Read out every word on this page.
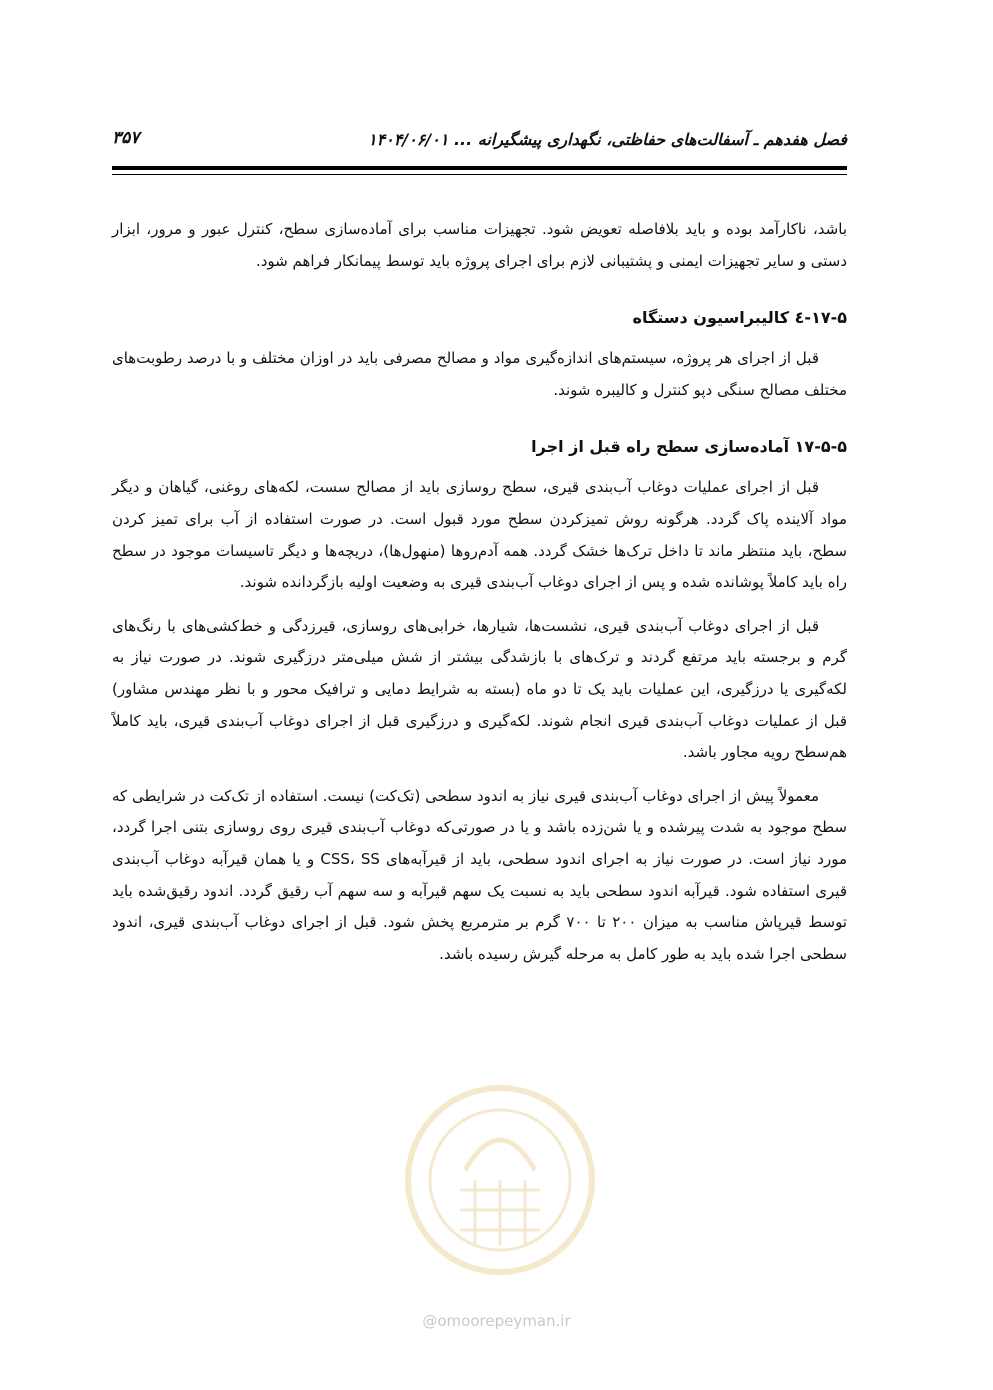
فصل هفدهم ـ آسفالت‌های حفاظتی، نگهداری پیشگیرانه ... ۱۴۰۴/۰۶/۰۱
۳۵۷

باشد، ناکارآمد بوده و باید بلافاصله تعویض شود. تجهیزات مناسب برای آماده‌سازی سطح، کنترل عبور و مرور، ابزار دستی و سایر تجهیزات ایمنی و پشتیبانی لازم برای اجرای پروژه باید توسط پیمانکار فراهم شود.

۱۷-۵-٤ کالیبراسیون دستگاه

قبل از اجرای هر پروژه، سیستم‌های اندازه‌گیری مواد و مصالح مصرفی باید در اوزان مختلف و با درصد رطوبت‌های مختلف مصالح سنگی دپو کنترل و کالیبره شوند.

۱۷-۵-۵ آماده‌سازی سطح راه قبل از اجرا

قبل از اجرای عملیات دوغاب آب‌بندی قیری، سطح روسازی باید از مصالح سست، لکه‌های روغنی، گیاهان و دیگر مواد آلاینده پاک گردد. هرگونه روش تمیزکردن سطح مورد قبول است. در صورت استفاده از آب برای تمیز کردن سطح، باید منتظر ماند تا داخل ترک‌ها خشک گردد. همه آدم‌روها (منهول‌ها)، دریچه‌ها و دیگر تاسیسات موجود در سطح راه باید کاملاً پوشانده شده و پس از اجرای دوغاب آب‌بندی قیری به وضعیت اولیه بازگردانده شوند.

قبل از اجرای دوغاب آب‌بندی قیری، نشست‌ها، شیارها، خرابی‌های روسازی، قیرزدگی و خط‌کشی‌های با رنگ‌های گرم و برجسته باید مرتفع گردند و ترک‌های با بازشدگی بیشتر از شش میلی‌متر درزگیری شوند. در صورت نیاز به لکه‌گیری یا درزگیری، این عملیات باید یک تا دو ماه (بسته به شرایط دمایی و ترافیک محور و با نظر مهندس مشاور) قبل از عملیات دوغاب آب‌بندی قیری انجام شوند. لکه‌گیری و درزگیری قبل از اجرای دوغاب آب‌بندی قیری، باید کاملاً هم‌سطح رویه مجاور باشد.

معمولاً پیش از اجرای دوغاب آب‌بندی قیری نیاز به اندود سطحی (تک‌کت) نیست. استفاده از تک‌کت در شرایطی که سطح موجود به شدت پیرشده و یا شن‌زده باشد و یا در صورتی‌که دوغاب آب‌بندی قیری روی روسازی بتنی اجرا گردد، مورد نیاز است. در صورت نیاز به اجرای اندود سطحی، باید از قیرآبه‌های CSS، SS و یا همان قیرآبه دوغاب آب‌بندی قیری استفاده شود. قیرآبه اندود سطحی باید به نسبت یک سهم قیرآبه و سه سهم آب رقیق گردد. اندود رقیق‌شده باید توسط قیرپاش مناسب به میزان ۲۰۰ تا ۷۰۰ گرم بر مترمربع پخش شود. قبل از اجرای دوغاب آب‌بندی قیری، اندود سطحی اجرا شده باید به طور کامل به مرحله گیرش رسیده باشد.

@omoorepeyman.ir
